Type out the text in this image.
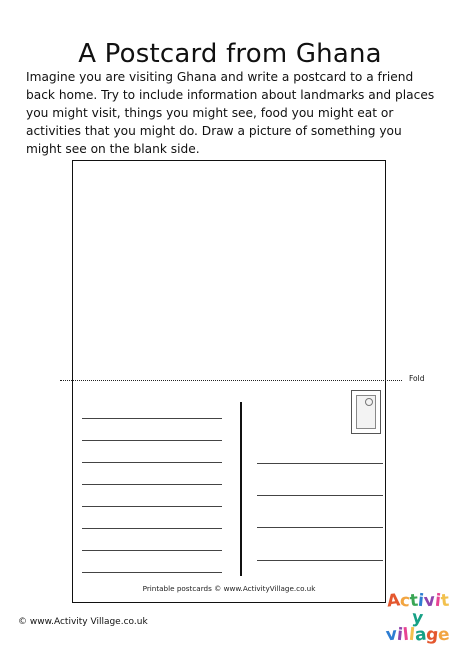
A Postcard from Ghana

Imagine you are visiting Ghana and write a postcard to a friend back home. Try to include information about landmarks and places you might visit, things you might see, food you might eat or activities that you might do. Draw a picture of something you might see on the blank side.

Fold
Printable postcards © www.ActivityVillage.co.uk
© www.Activity Village.co.uk
Activity
village
